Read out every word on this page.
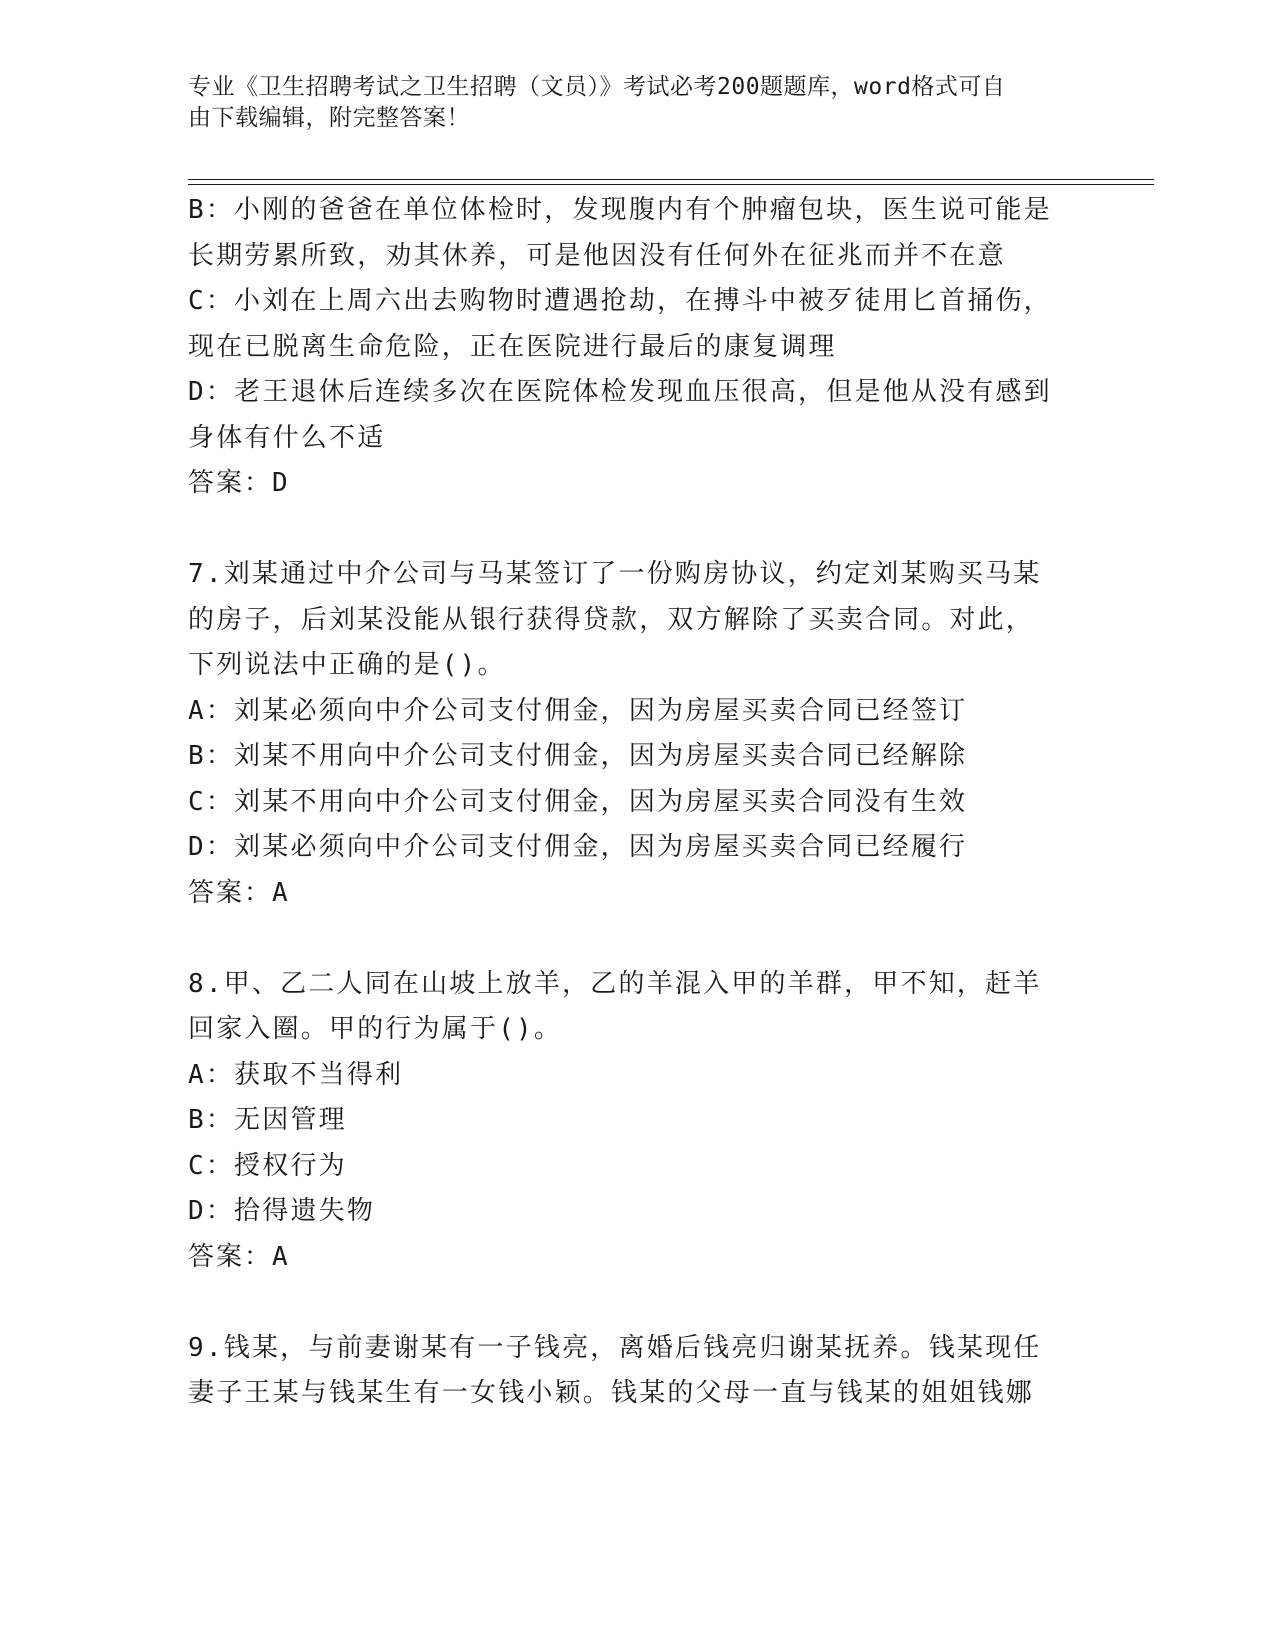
专业《卫生招聘考试之卫生招聘（文员）》考试必考200题题库，word格式可自
由下载编辑，附完整答案！
B：小刚的爸爸在单位体检时，发现腹内有个肿瘤包块，医生说可能是
长期劳累所致，劝其休养，可是他因没有任何外在征兆而并不在意
C：小刘在上周六出去购物时遭遇抢劫，在搏斗中被歹徒用匕首捅伤，
现在已脱离生命危险，正在医院进行最后的康复调理
D：老王退休后连续多次在医院体检发现血压很高，但是他从没有感到
身体有什么不适
答案：D
7.刘某通过中介公司与马某签订了一份购房协议，约定刘某购买马某
的房子，后刘某没能从银行获得贷款，双方解除了买卖合同。对此，
下列说法中正确的是()。
A：刘某必须向中介公司支付佣金，因为房屋买卖合同已经签订
B：刘某不用向中介公司支付佣金，因为房屋买卖合同已经解除
C：刘某不用向中介公司支付佣金，因为房屋买卖合同没有生效
D：刘某必须向中介公司支付佣金，因为房屋买卖合同已经履行
答案：A
8.甲、乙二人同在山坡上放羊，乙的羊混入甲的羊群，甲不知，赶羊
回家入圈。甲的行为属于()。
A：获取不当得利
B：无因管理
C：授权行为
D：拾得遗失物
答案：A
9.钱某，与前妻谢某有一子钱亮，离婚后钱亮归谢某抚养。钱某现任
妻子王某与钱某生有一女钱小颖。钱某的父母一直与钱某的姐姐钱娜
